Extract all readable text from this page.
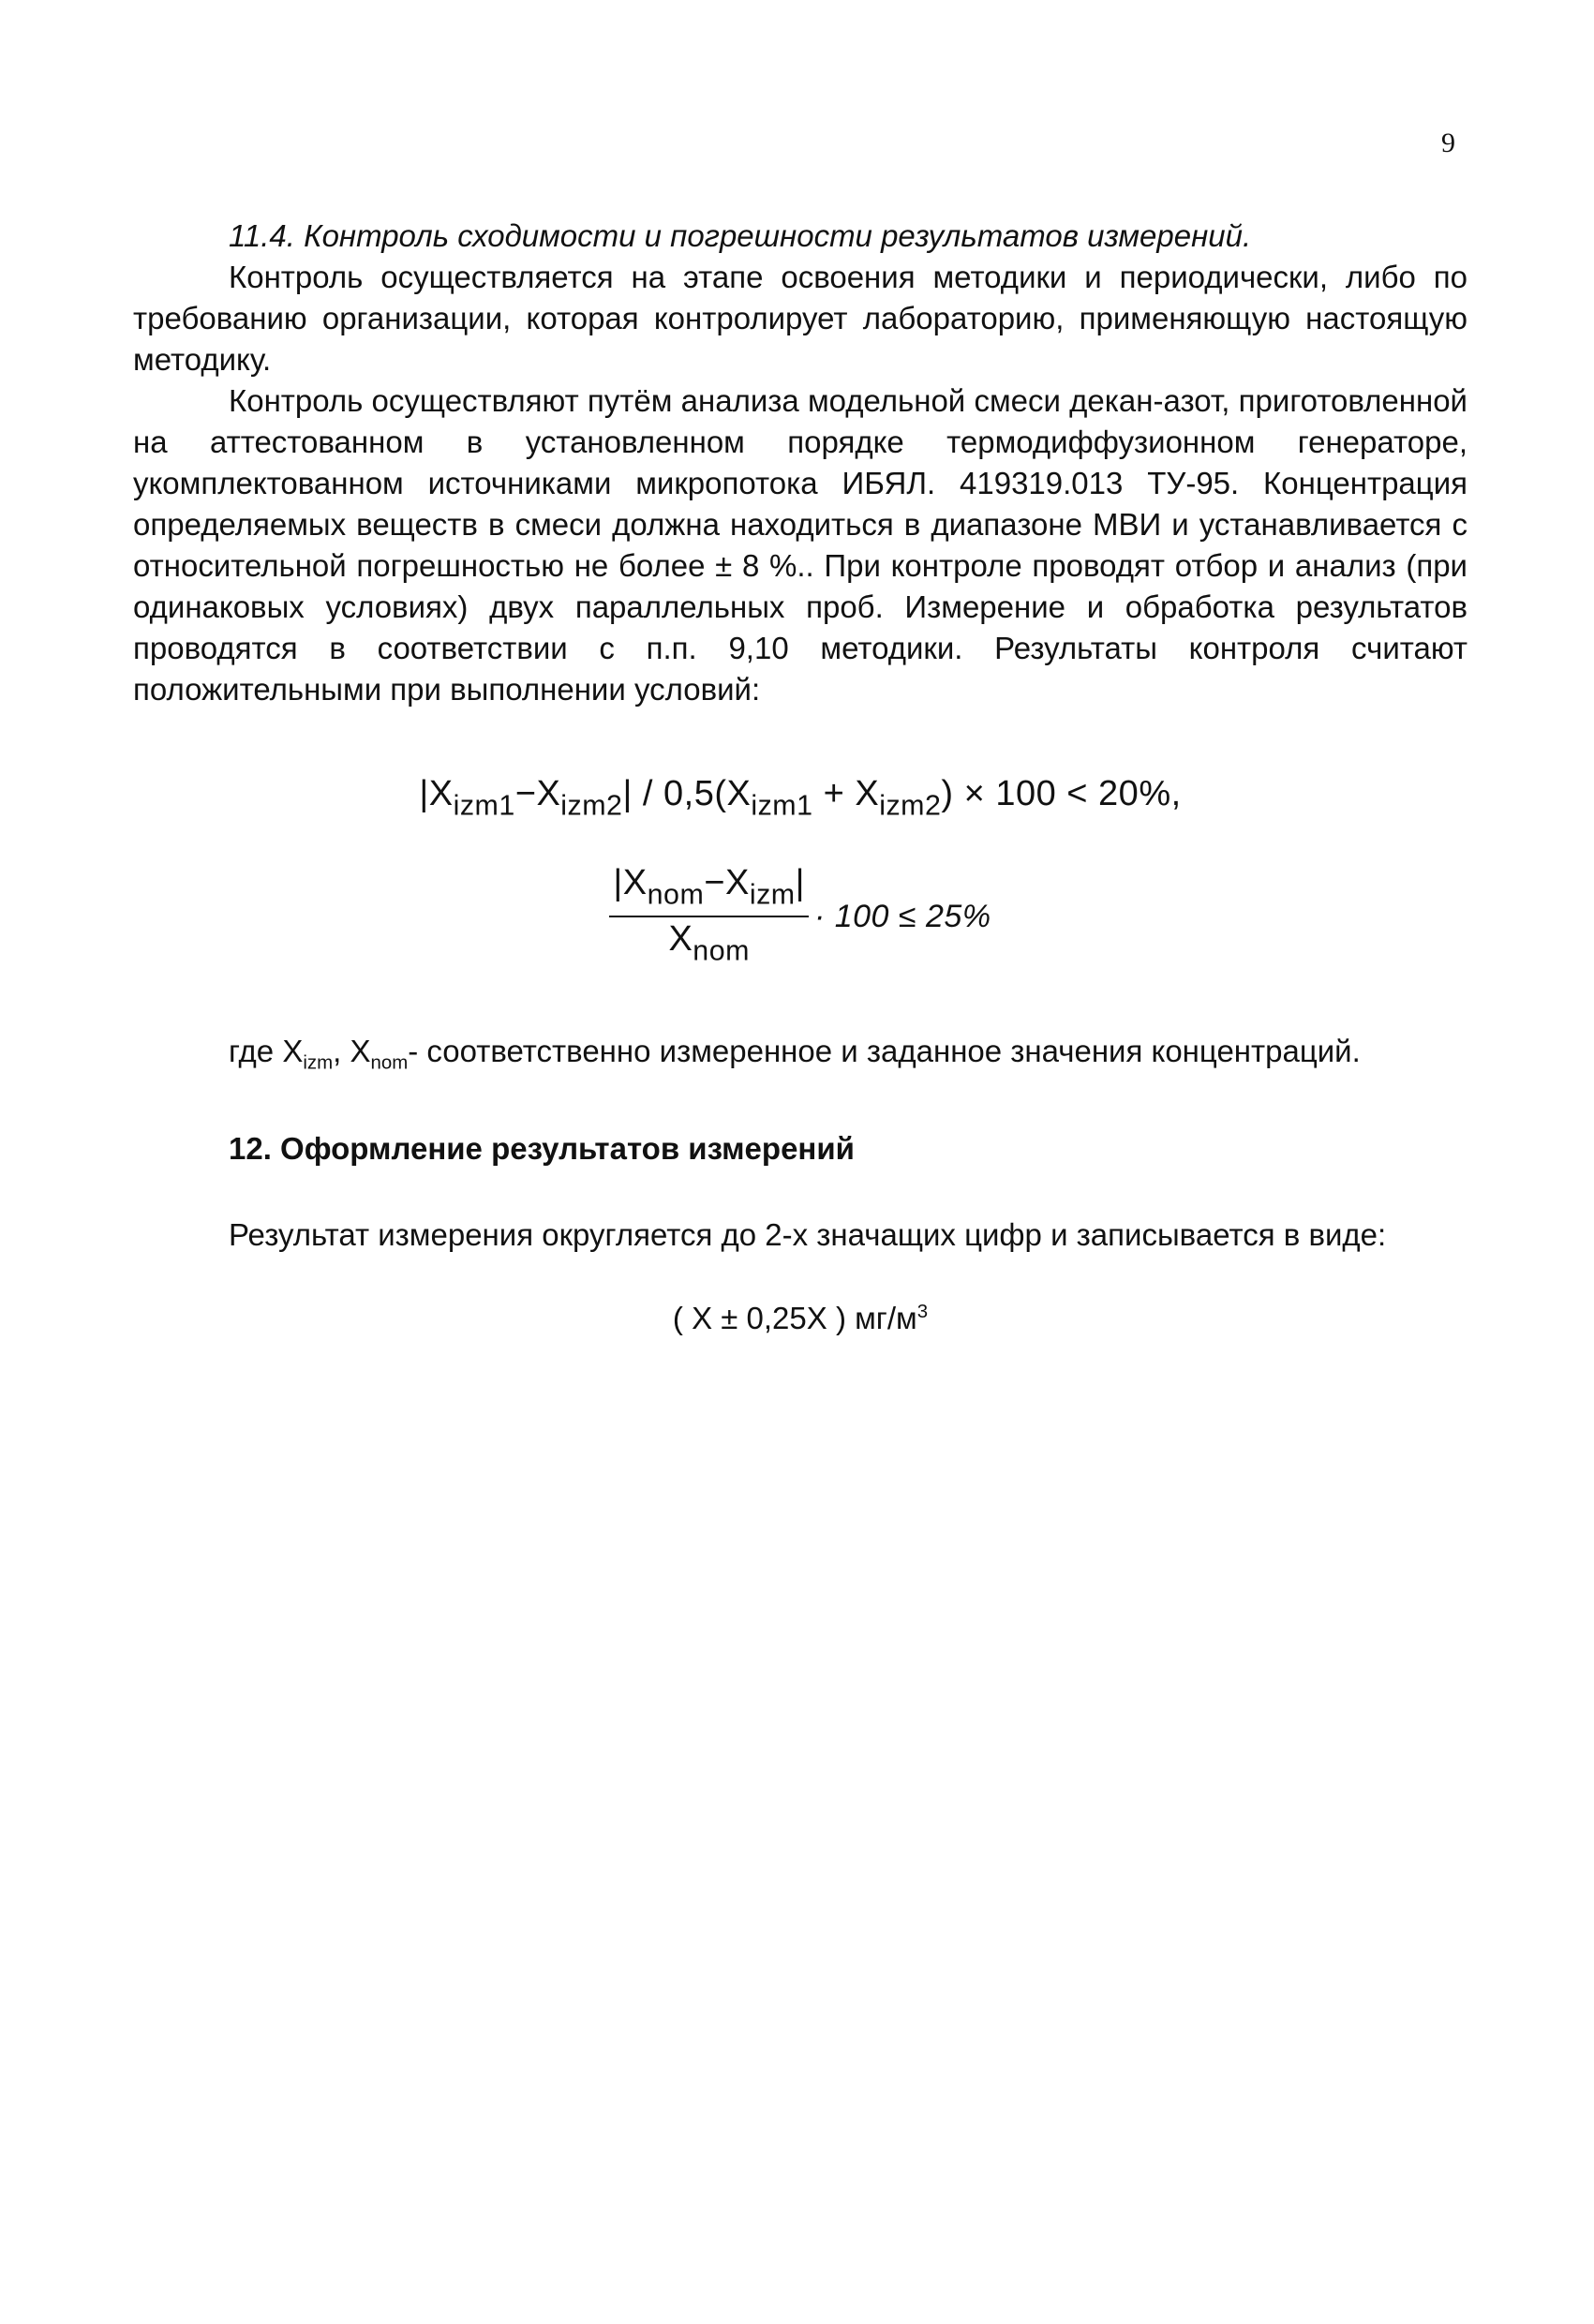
9

11.4. Контроль сходимости и погрешности результатов измерений.

Контроль осуществляется на этапе освоения методики и периодически, либо по требованию организации, которая контролирует лабораторию, применяющую настоящую методику.

Контроль осуществляют путём анализа модельной смеси декан-азот, приготовленной на аттестованном в установленном порядке термодиффузионном генераторе, укомплектованном источниками микропотока ИБЯЛ. 419319.013 ТУ-95. Концентрация определяемых веществ в смеси должна находиться в диапазоне МВИ и устанавливается с относительной погрешностью не более ± 8 %.. При контроле проводят отбор и анализ (при одинаковых условиях) двух параллельных проб. Измерение и обработка результатов проводятся в соответствии с п.п. 9,10 методики. Результаты контроля считают положительными при выполнении условий:

$|X_{izm1}-X_{izm2}| / 0,5(X_{izm1} + X_{izm2}) \times 100 < 20\%$,
$\frac{|X_{nom}-X_{izm}|}{X_{nom}} \cdot 100 \le 25\%$

где $X_{izm}$, $X_{nom}-$ соответственно измеренное и заданное значения концентраций.

12. Оформление результатов измерений

Результат измерения округляется до 2-х значащих цифр и записывается в виде:

( X ± 0,25X ) $мг/м^3$
